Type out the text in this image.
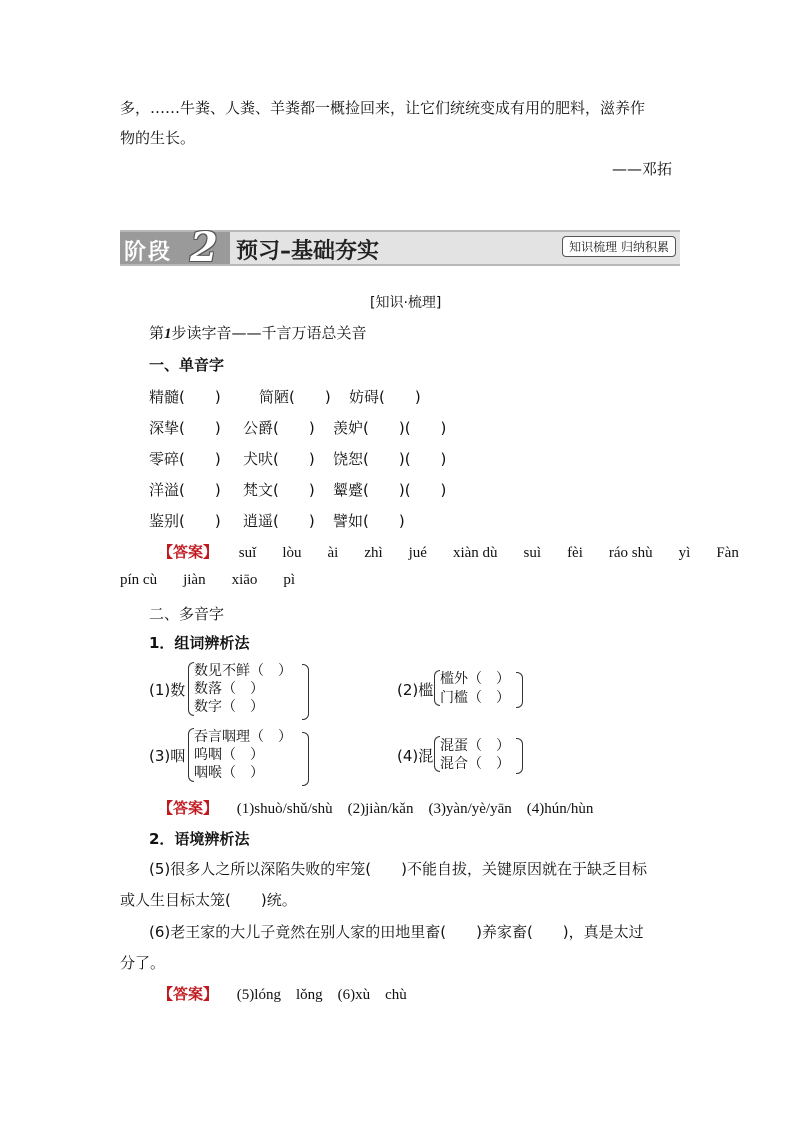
多，……牛粪、人粪、羊粪都一概捡回来，让它们统统变成有用的肥料，滋养作
物的生长。
——邓拓
阶段 2 预习–基础夯实	知识梳理 归纳积累
[知识·梳理]
第1步读字音——千言万语总关音
一、单音字
精髓(　　)	简陋(　　) 妨碍(　　)
深挚(　　) 公爵(　　) 羡妒(　　)(　　)
零碎(　　) 犬吠(　　) 饶恕(　　)(　　)
洋溢(　　) 梵文(　　) 颦蹙(　　)(　　)
鉴别(　　) 逍遥(　　) 譬如(　　)
【答案】 suǐ lòu ài zhì jué xiàn dù suì fèi ráo shù yì Fàn
pín cù jiàn xiāo pì
二、多音字
1．组词辨析法
(1)数
数见不鲜（　）
数落（　）
数字（　）
(2)槛
槛外（　）
门槛（　）
(3)咽
吞言咽理（　）
呜咽（　）
咽喉（　）
(4)混
混蛋（　）
混合（　）
【答案】 (1)shuò/shǔ/shù　(2)jiàn/kǎn　(3)yàn/yè/yān　(4)hún/hùn
2．语境辨析法
(5)很多人之所以深陷失败的牢笼(　　)不能自拔，关键原因就在于缺乏目标
或人生目标太笼(　　)统。
(6)老王家的大儿子竟然在别人家的田地里畜(　　)养家畜(　　)，真是太过
分了。
【答案】 (5)lóng　lǒng　(6)xù　chù
